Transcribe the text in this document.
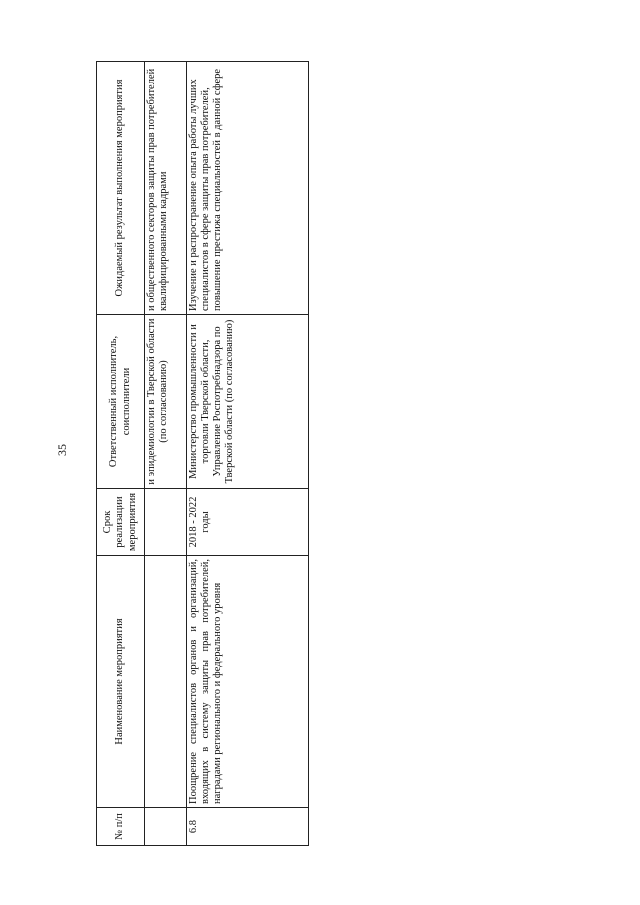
35
№ п/п	Наименование мероприятия	Срок реализации мероприятия	Ответственный исполнитель, соисполнители	Ожидаемый результат выполнения мероприятия
			и эпидемиологии в Тверской области (по согласованию)	и общественного секторов защиты прав потребителей квалифицированными кадрами
6.8	Поощрение специалистов органов и организаций, входящих в систему защиты прав потребителей, наградами регионального и федерального уровня	2018 - 2022 годы	Министерство промышленности и торговли Тверской области, Управление Роспотребнадзора по Тверской области (по согласованию)	Изучение и распространение опыта работы лучших специалистов в сфере защиты прав потребителей, повышение престижа специальностей в данной сфере
